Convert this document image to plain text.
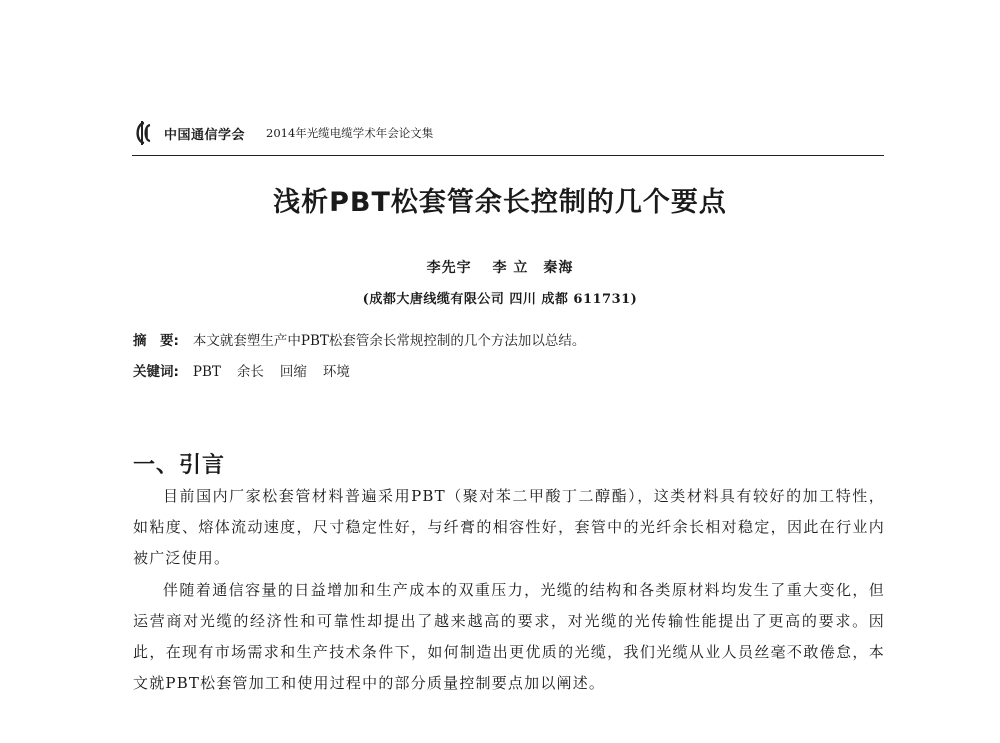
中国通信学会 2014年光缆电缆学术年会论文集
浅析PBT松套管余长控制的几个要点
李先宇　 李 立　秦海
(成都大唐线缆有限公司 四川 成都 611731)
摘　要: 本文就套塑生产中PBT松套管余长常规控制的几个方法加以总结。
关键词: PBT 余长 回缩 环境
一、引言

目前国内厂家松套管材料普遍采用PBT（聚对苯二甲酸丁二醇酯），这类材料具有较好的加工特性，如粘度、熔体流动速度，尺寸稳定性好，与纤膏的相容性好，套管中的光纤余长相对稳定，因此在行业内被广泛使用。

伴随着通信容量的日益增加和生产成本的双重压力，光缆的结构和各类原材料均发生了重大变化，但运营商对光缆的经济性和可靠性却提出了越来越高的要求，对光缆的光传输性能提出了更高的要求。因此，在现有市场需求和生产技术条件下，如何制造出更优质的光缆，我们光缆从业人员丝毫不敢倦怠，本文就PBT松套管加工和使用过程中的部分质量控制要点加以阐述。
